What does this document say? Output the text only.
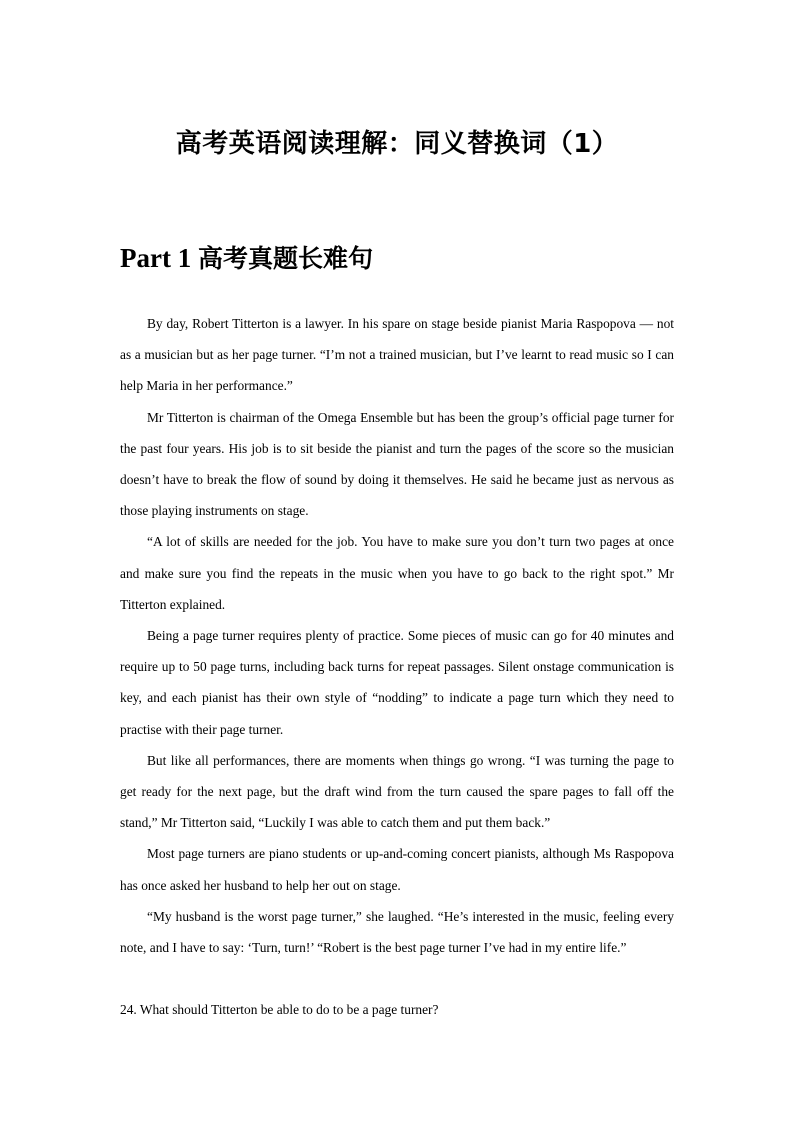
高考英语阅读理解：同义替换词（1）
Part 1 高考真题长难句

By day, Robert Titterton is a lawyer. In his spare on stage beside pianist Maria Raspopova — not as a musician but as her page turner. “I’m not a trained musician, but I’ve learnt to read music so I can help Maria in her performance.”

Mr Titterton is chairman of the Omega Ensemble but has been the group’s official page turner for the past four years. His job is to sit beside the pianist and turn the pages of the score so the musician doesn’t have to break the flow of sound by doing it themselves. He said he became just as nervous as those playing instruments on stage.

“A lot of skills are needed for the job. You have to make sure you don’t turn two pages at once and make sure you find the repeats in the music when you have to go back to the right spot.” Mr Titterton explained.

Being a page turner requires plenty of practice. Some pieces of music can go for 40 minutes and require up to 50 page turns, including back turns for repeat passages. Silent onstage communication is key, and each pianist has their own style of “nodding” to indicate a page turn which they need to practise with their page turner.

But like all performances, there are moments when things go wrong. “I was turning the page to get ready for the next page, but the draft wind from the turn caused the spare pages to fall off the stand,” Mr Titterton said, “Luckily I was able to catch them and put them back.”

Most page turners are piano students or up-and-coming concert pianists, although Ms Raspopova has once asked her husband to help her out on stage.

“My husband is the worst page turner,” she laughed. “He’s interested in the music, feeling every note, and I have to say: ‘Turn, turn!’ “Robert is the best page turner I’ve had in my entire life.”

24. What should Titterton be able to do to be a page turner?
